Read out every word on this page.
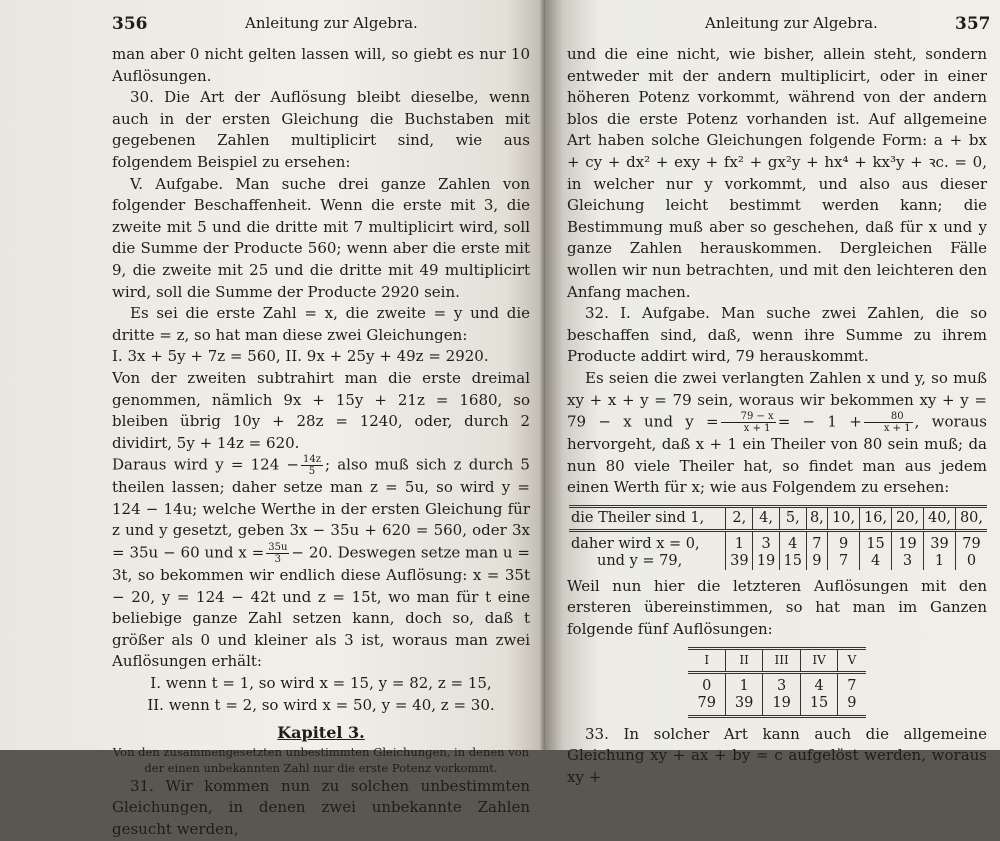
356	Anleitung zur Algebra.

man aber 0 nicht gelten lassen will, so giebt es nur 10 Auflösungen.

30. Die Art der Auflösung bleibt dieselbe, wenn auch in der ersten Gleichung die Buchstaben mit gegebenen Zahlen multiplicirt sind, wie aus folgendem Beispiel zu ersehen:

V. Aufgabe. Man suche drei ganze Zahlen von folgender Beschaffenheit. Wenn die erste mit 3, die zweite mit 5 und die dritte mit 7 multiplicirt wird, soll die Summe der Producte 560; wenn aber die erste mit 9, die zweite mit 25 und die dritte mit 49 multiplicirt wird, soll die Summe der Producte 2920 sein.

Es sei die erste Zahl = x, die zweite = y und die dritte = z, so hat man diese zwei Gleichungen:

I. 3x + 5y + 7z = 560, II. 9x + 25y + 49z = 2920.

Von der zweiten subtrahirt man die erste dreimal genommen, nämlich 9x + 15y + 21z = 1680, so bleiben übrig 10y + 28z = 1240, oder, durch 2 dividirt, 5y + 14z = 620.

Daraus wird $y = 124 - \frac{14z}{5}$ ; also muß sich z durch 5 theilen lassen; daher setze man z = 5u, so wird y = 124 − 14u; welche Werthe in der ersten Gleichung für z und y gesetzt, geben 3x − 35u + 620 = 560, oder 3x = 35u − 60 und $x = \frac{35u}{3} - 20$. Deswegen setze man u = 3t, so bekommen wir endlich diese Auflösung: x = 35t − 20, y = 124 − 42t und z = 15t, wo man für t eine beliebige ganze Zahl setzen kann, doch so, daß t größer als 0 und kleiner als 3 ist, woraus man zwei Auflösungen erhält:

I. wenn t = 1, so wird x = 15, y = 82, z = 15,

II. wenn t = 2, so wird x = 50, y = 40, z = 30.

Kapitel 3.

Von den zusammengesetzten unbestimmten Gleichungen, in denen von der einen unbekannten Zahl nur die erste Potenz vorkommt.

31. Wir kommen nun zu solchen unbestimmten Gleichungen, in denen zwei unbekannte Zahlen gesucht werden,

Anleitung zur Algebra.	357

und die eine nicht, wie bisher, allein steht, sondern entweder mit der andern multiplicirt, oder in einer höheren Potenz vorkommt, während von der andern blos die erste Potenz vorhanden ist. Auf allgemeine Art haben solche Gleichungen folgende Form: a + bx + cy + dx² + exy + fx² + gx²y + hx⁴ + kx³y + ꝛc. = 0, in welcher nur y vorkommt, und also aus dieser Gleichung leicht bestimmt werden kann; die Bestimmung muß aber so geschehen, daß für x und y ganze Zahlen herauskommen. Dergleichen Fälle wollen wir nun betrachten, und mit den leichteren den Anfang machen.

32. I. Aufgabe. Man suche zwei Zahlen, die so beschaffen sind, daß, wenn ihre Summe zu ihrem Producte addirt wird, 79 herauskommt.

Es seien die zwei verlangten Zahlen x und y, so muß xy + x + y = 79 sein, woraus wir bekommen xy + y = 79 − x und $y = \frac{79 - x}{x + 1}$ = − $1 + \frac{80}{x + 1}$ , woraus hervorgeht, daß x + 1 ein Theiler von 80 sein muß; da nun 80 viele Theiler hat, so findet man aus jedem einen Werth für x; wie aus Folgendem zu ersehen:

die Theiler sind 1,	2,	4,	5,	8,	10,	16,	20,	40,	80,
daher wird x = 0,	1	3	4	7	9	15	19	39	79
und y = 79,	39	19	15	9	7	4	3	1	0

Weil nun hier die letzteren Auflösungen mit den ersteren übereinstimmen, so hat man im Ganzen folgende fünf Auflösungen:

I	II	III	IV	V
0	1	3	4	7
79	39	19	15	9

33. In solcher Art kann auch die allgemeine Gleichung xy + ax + by = c aufgelöst werden, woraus xy +
